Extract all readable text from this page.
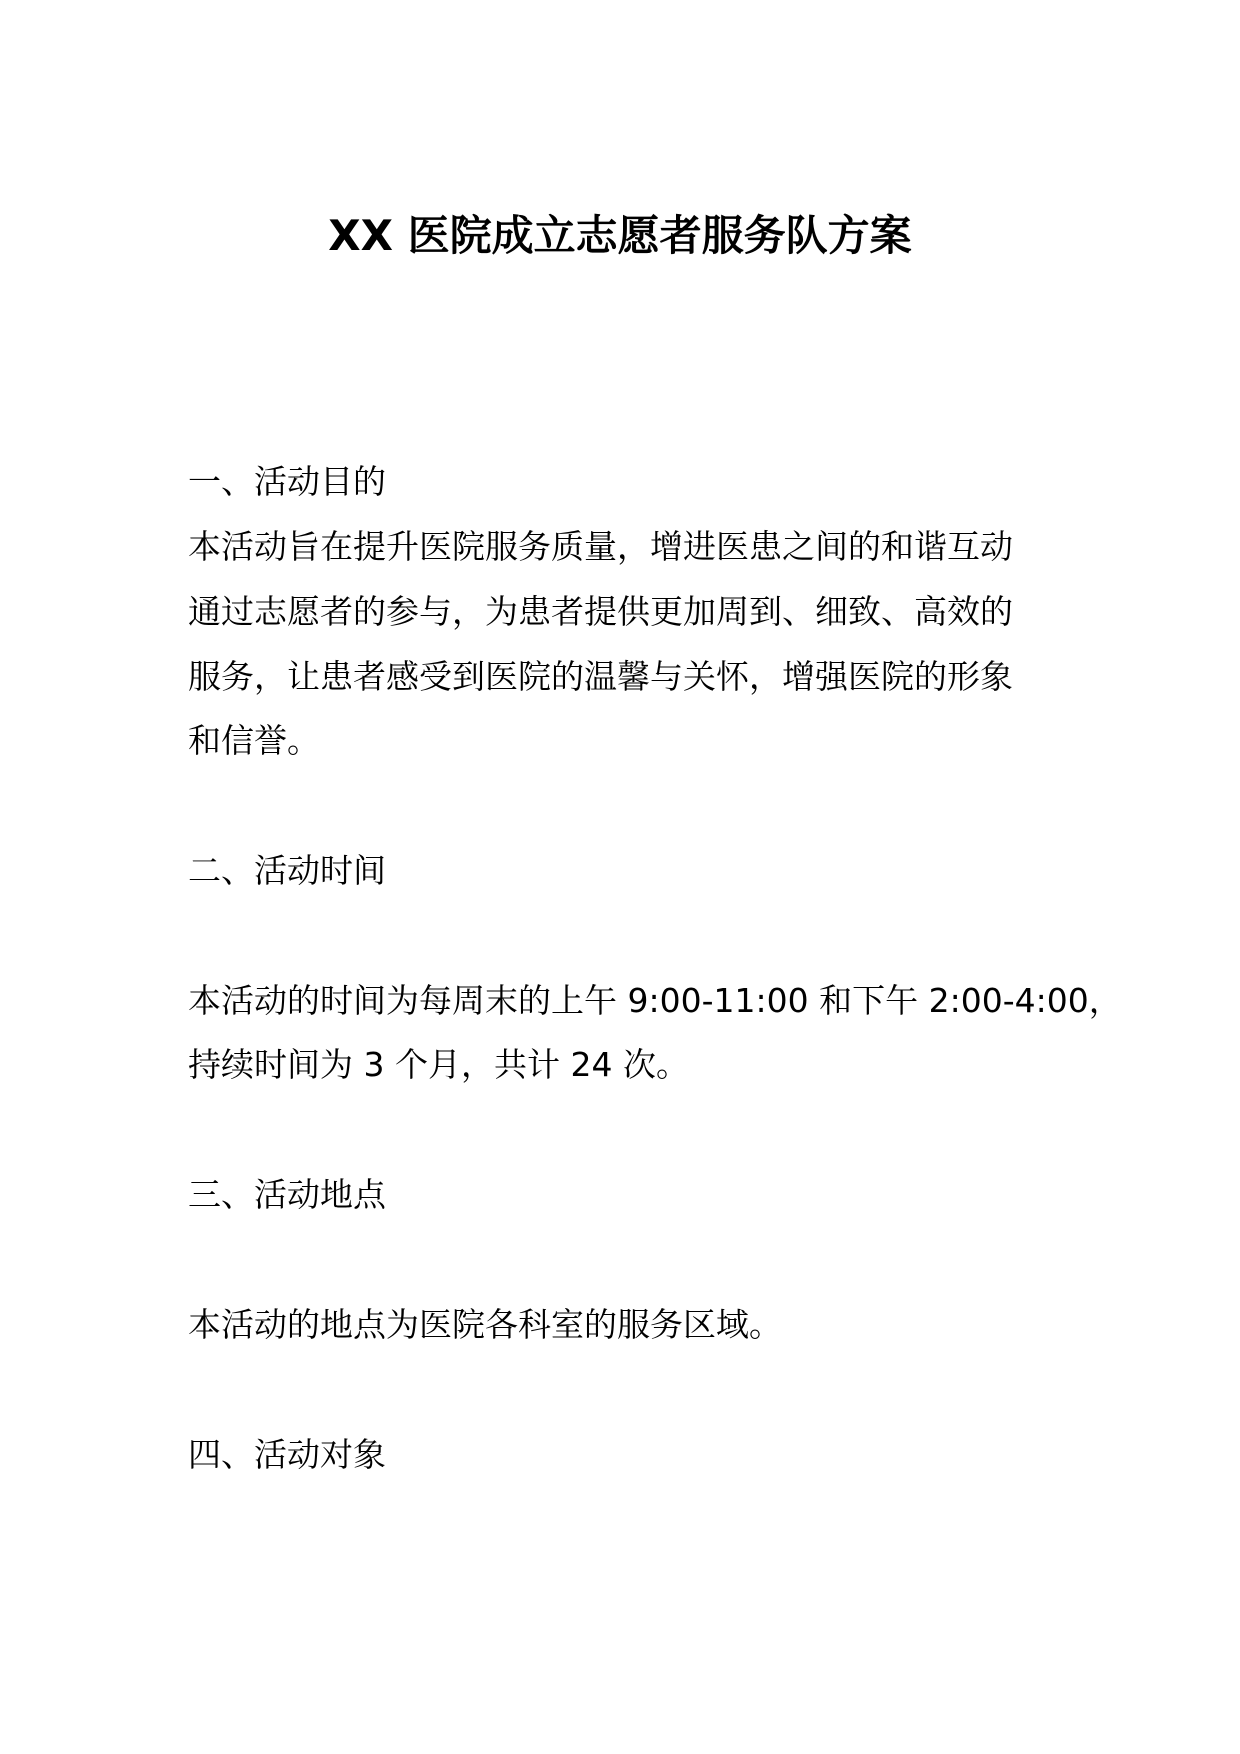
XX 医院成立志愿者服务队方案
一、活动目的
本活动旨在提升医院服务质量，增进医患之间的和谐互动
通过志愿者的参与，为患者提供更加周到、细致、高效的
服务，让患者感受到医院的温馨与关怀，增强医院的形象
和信誉。
二、活动时间
本活动的时间为每周末的上午 9:00-11:00 和下午 2:00-4:00，
持续时间为 3 个月，共计 24 次。
三、活动地点
本活动的地点为医院各科室的服务区域。
四、活动对象
